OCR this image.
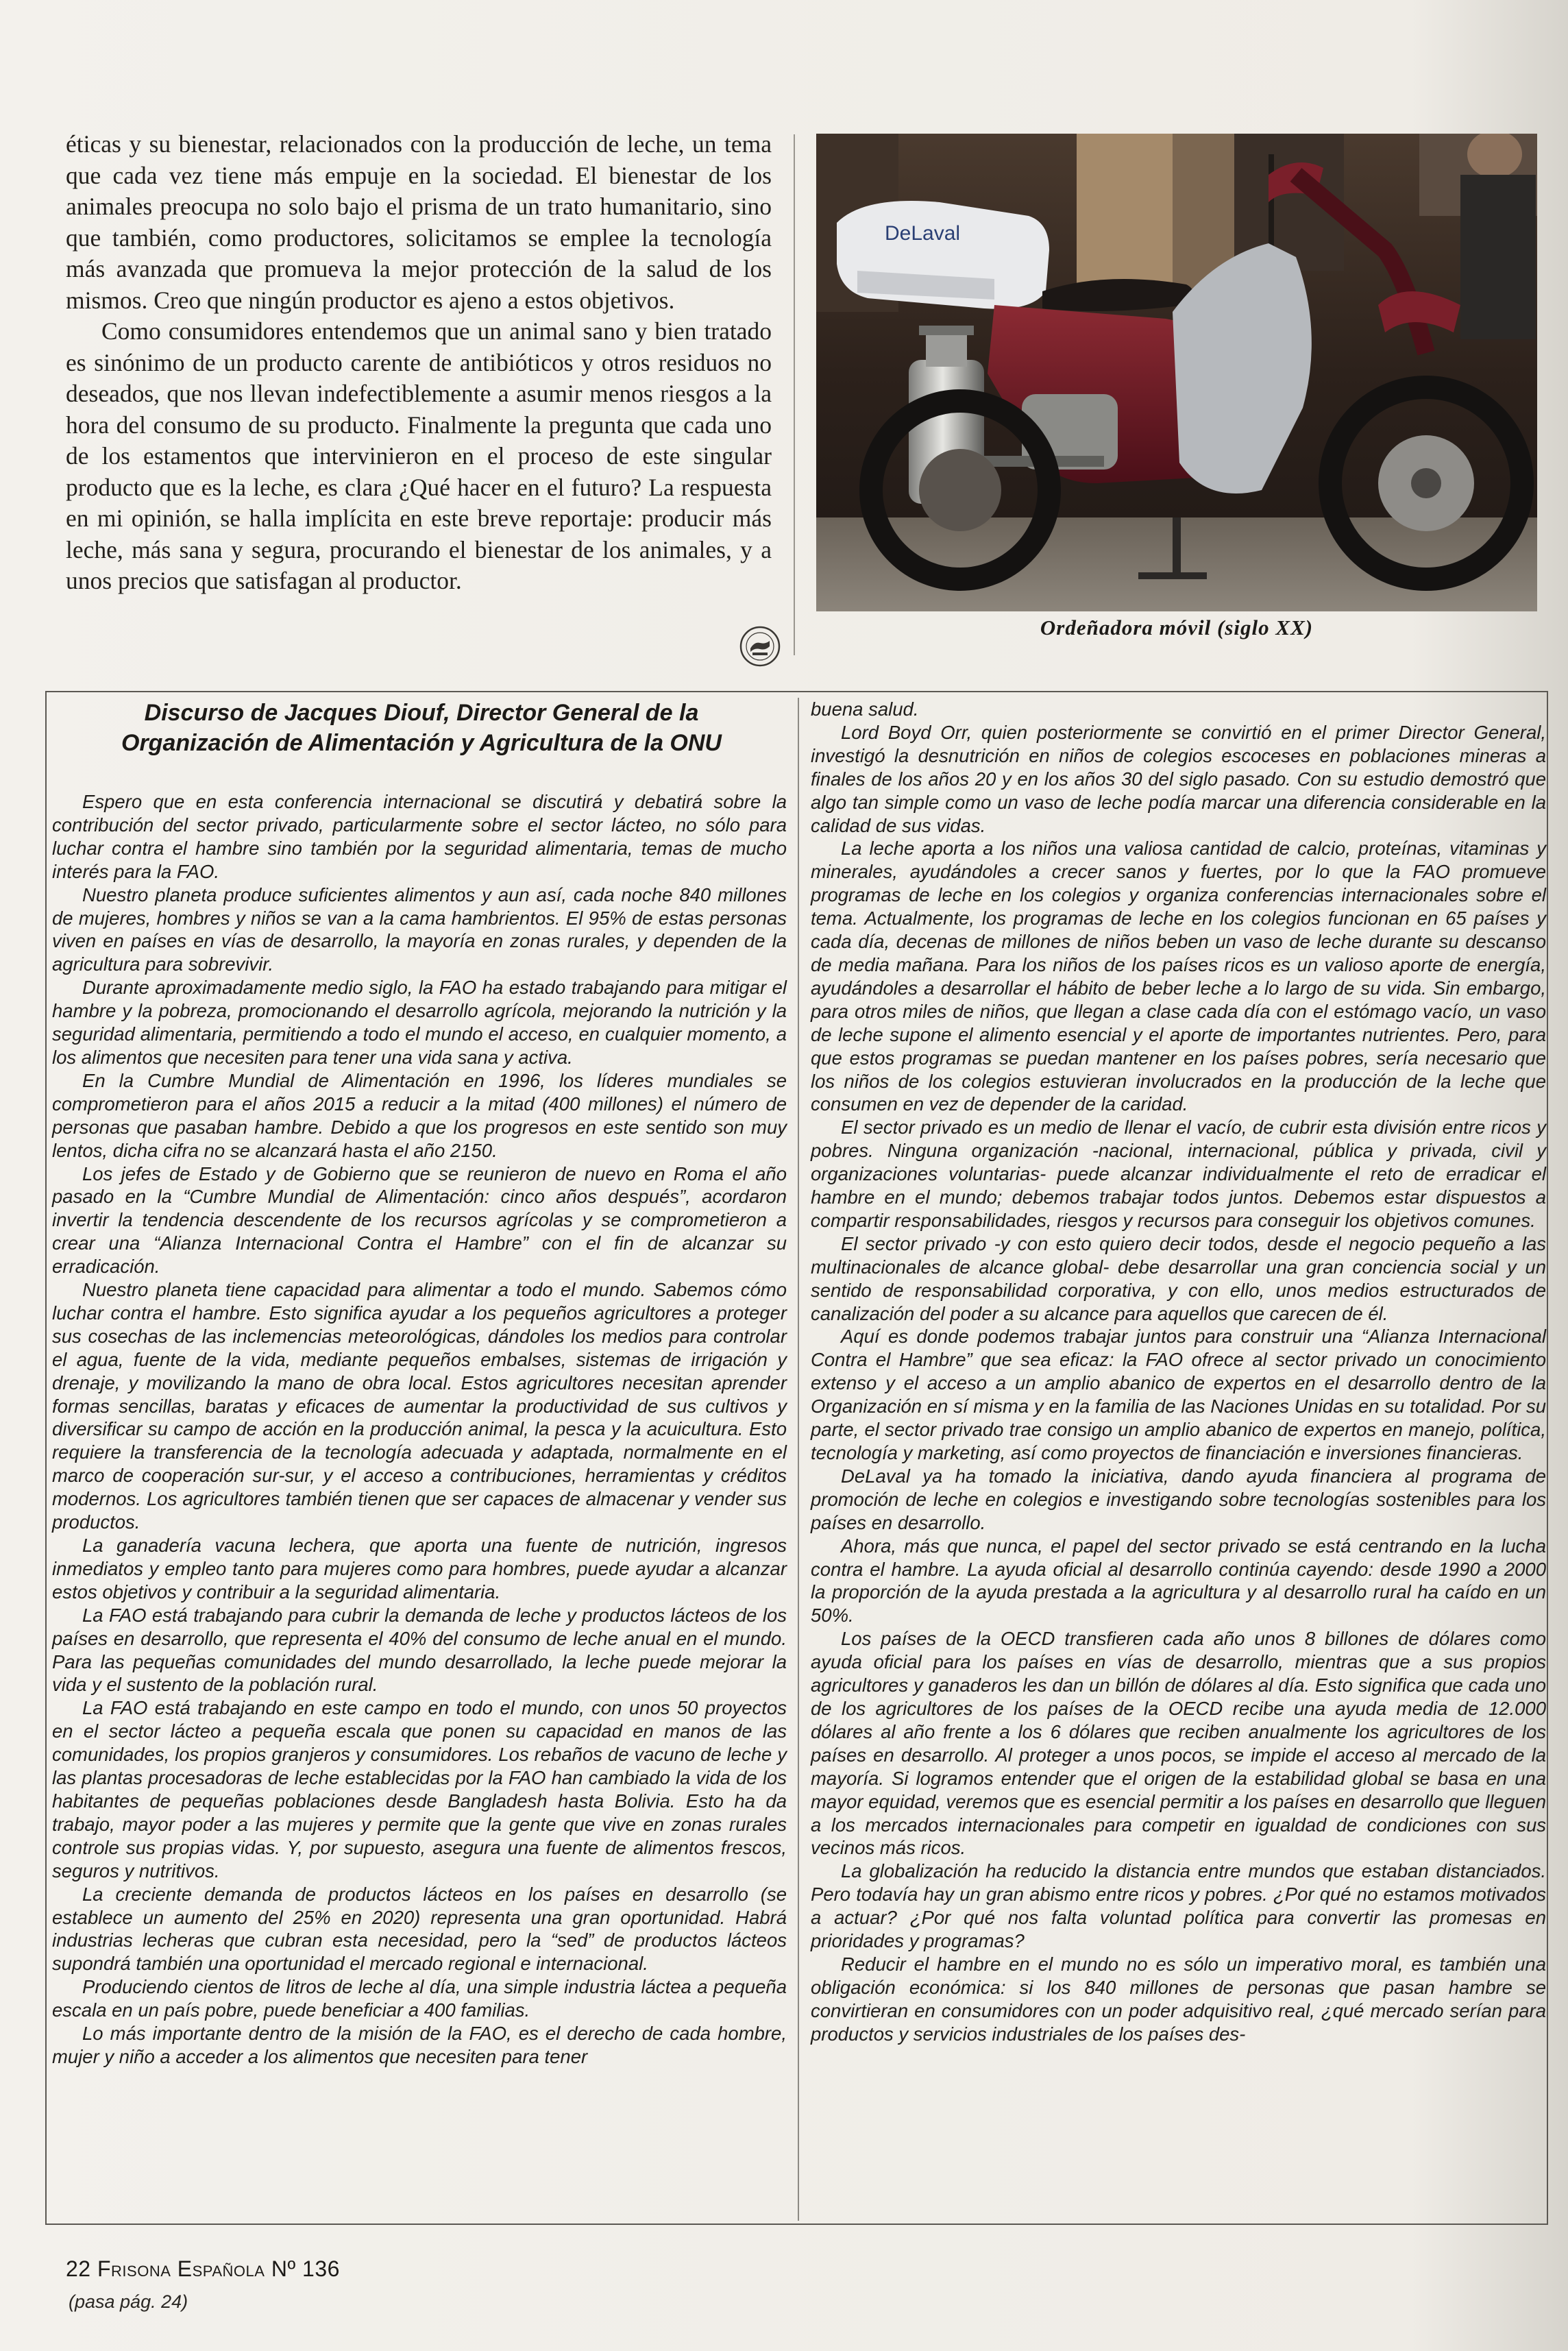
éticas y su bienestar, relacionados con la producción de leche, un tema que cada vez tiene más empuje en la sociedad. El bienestar de los animales preocupa no solo bajo el prisma de un trato humanitario, sino que también, como productores, solicitamos se emplee la tecnología más avanzada que promueva la mejor protección de la salud de los mismos. Creo que ningún productor es ajeno a estos objetivos.

Como consumidores entendemos que un animal sano y bien tratado es sinónimo de un producto carente de antibióticos y otros residuos no deseados, que nos llevan indefectiblemente a asumir menos riesgos a la hora del consumo de su producto. Finalmente la pregunta que cada uno de los estamentos que intervinieron en el proceso de este singular producto que es la leche, es clara ¿Qué hacer en el futuro? La respuesta en mi opinión, se halla implícita en este breve reportaje: producir más leche, más sana y segura, procurando el bienestar de los animales, y a unos precios que satisfagan al productor.

DeLaval
Ordeñadora móvil (siglo XX)
Discurso de Jacques Diouf, Director General de la
Organización de Alimentación y Agricultura de la ONU

Espero que en esta conferencia internacional se discutirá y debatirá sobre la contribución del sector privado, particularmente sobre el sector lácteo, no sólo para luchar contra el hambre sino también por la seguridad alimentaria, temas de mucho interés para la FAO.

Nuestro planeta produce suficientes alimentos y aun así, cada noche 840 millones de mujeres, hombres y niños se van a la cama hambrientos. El 95% de estas personas viven en países en vías de desarrollo, la mayoría en zonas rurales, y dependen de la agricultura para sobrevivir.

Durante aproximadamente medio siglo, la FAO ha estado trabajando para mitigar el hambre y la pobreza, promocionando el desarrollo agrícola, mejorando la nutrición y la seguridad alimentaria, permitiendo a todo el mundo el acceso, en cualquier momento, a los alimentos que necesiten para tener una vida sana y activa.

En la Cumbre Mundial de Alimentación en 1996, los líderes mundiales se comprometieron para el años 2015 a reducir a la mitad (400 millones) el número de personas que pasaban hambre. Debido a que los progresos en este sentido son muy lentos, dicha cifra no se alcanzará hasta el año 2150.

Los jefes de Estado y de Gobierno que se reunieron de nuevo en Roma el año pasado en la “Cumbre Mundial de Alimentación: cinco años después”, acordaron invertir la tendencia descendente de los recursos agrícolas y se comprometieron a crear una “Alianza Internacional Contra el Hambre” con el fin de alcanzar su erradicación.

Nuestro planeta tiene capacidad para alimentar a todo el mundo. Sabemos cómo luchar contra el hambre. Esto significa ayudar a los pequeños agricultores a proteger sus cosechas de las inclemencias meteorológicas, dándoles los medios para controlar el agua, fuente de la vida, mediante pequeños embalses, sistemas de irrigación y drenaje, y movilizando la mano de obra local. Estos agricultores necesitan aprender formas sencillas, baratas y eficaces de aumentar la productividad de sus cultivos y diversificar su campo de acción en la producción animal, la pesca y la acuicultura. Esto requiere la transferencia de la tecnología adecuada y adaptada, normalmente en el marco de cooperación sur-sur, y el acceso a contribuciones, herramientas y créditos modernos. Los agricultores también tienen que ser capaces de almacenar y vender sus productos.

La ganadería vacuna lechera, que aporta una fuente de nutrición, ingresos inmediatos y empleo tanto para mujeres como para hombres, puede ayudar a alcanzar estos objetivos y contribuir a la seguridad alimentaria.

La FAO está trabajando para cubrir la demanda de leche y productos lácteos de los países en desarrollo, que representa el 40% del consumo de leche anual en el mundo. Para las pequeñas comunidades del mundo desarrollado, la leche puede mejorar la vida y el sustento de la población rural.

La FAO está trabajando en este campo en todo el mundo, con unos 50 proyectos en el sector lácteo a pequeña escala que ponen su capacidad en manos de las comunidades, los propios granjeros y consumidores. Los rebaños de vacuno de leche y las plantas procesadoras de leche establecidas por la FAO han cambiado la vida de los habitantes de pequeñas poblaciones desde Bangladesh hasta Bolivia. Esto ha da trabajo, mayor poder a las mujeres y permite que la gente que vive en zonas rurales controle sus propias vidas. Y, por supuesto, asegura una fuente de alimentos frescos, seguros y nutritivos.

La creciente demanda de productos lácteos en los países en desarrollo (se establece un aumento del 25% en 2020) representa una gran oportunidad. Habrá industrias lecheras que cubran esta necesidad, pero la “sed” de productos lácteos supondrá también una oportunidad el mercado regional e internacional.

Produciendo cientos de litros de leche al día, una simple industria láctea a pequeña escala en un país pobre, puede beneficiar a 400 familias.

Lo más importante dentro de la misión de la FAO, es el derecho de cada hombre, mujer y niño a acceder a los alimentos que necesiten para tener

buena salud.

Lord Boyd Orr, quien posteriormente se convirtió en el primer Director General, investigó la desnutrición en niños de colegios escoceses en poblaciones mineras a finales de los años 20 y en los años 30 del siglo pasado. Con su estudio demostró que algo tan simple como un vaso de leche podía marcar una diferencia considerable en la calidad de sus vidas.

La leche aporta a los niños una valiosa cantidad de calcio, proteínas, vitaminas y minerales, ayudándoles a crecer sanos y fuertes, por lo que la FAO promueve programas de leche en los colegios y organiza conferencias internacionales sobre el tema. Actualmente, los programas de leche en los colegios funcionan en 65 países y cada día, decenas de millones de niños beben un vaso de leche durante su descanso de media mañana. Para los niños de los países ricos es un valioso aporte de energía, ayudándoles a desarrollar el hábito de beber leche a lo largo de su vida. Sin embargo, para otros miles de niños, que llegan a clase cada día con el estómago vacío, un vaso de leche supone el alimento esencial y el aporte de importantes nutrientes. Pero, para que estos programas se puedan mantener en los países pobres, sería necesario que los niños de los colegios estuvieran involucrados en la producción de la leche que consumen en vez de depender de la caridad.

El sector privado es un medio de llenar el vacío, de cubrir esta división entre ricos y pobres. Ninguna organización -nacional, internacional, pública y privada, civil y organizaciones voluntarias- puede alcanzar individualmente el reto de erradicar el hambre en el mundo; debemos trabajar todos juntos. Debemos estar dispuestos a compartir responsabilidades, riesgos y recursos para conseguir los objetivos comunes.

El sector privado -y con esto quiero decir todos, desde el negocio pequeño a las multinacionales de alcance global- debe desarrollar una gran conciencia social y un sentido de responsabilidad corporativa, y con ello, unos medios estructurados de canalización del poder a su alcance para aquellos que carecen de él.

Aquí es donde podemos trabajar juntos para construir una “Alianza Internacional Contra el Hambre” que sea eficaz: la FAO ofrece al sector privado un conocimiento extenso y el acceso a un amplio abanico de expertos en el desarrollo dentro de la Organización en sí misma y en la familia de las Naciones Unidas en su totalidad. Por su parte, el sector privado trae consigo un amplio abanico de expertos en manejo, política, tecnología y marketing, así como proyectos de financiación e inversiones financieras.

DeLaval ya ha tomado la iniciativa, dando ayuda financiera al programa de promoción de leche en colegios e investigando sobre tecnologías sostenibles para los países en desarrollo.

Ahora, más que nunca, el papel del sector privado se está centrando en la lucha contra el hambre. La ayuda oficial al desarrollo continúa cayendo: desde 1990 a 2000 la proporción de la ayuda prestada a la agricultura y al desarrollo rural ha caído en un 50%.

Los países de la OECD transfieren cada año unos 8 billones de dólares como ayuda oficial para los países en vías de desarrollo, mientras que a sus propios agricultores y ganaderos les dan un billón de dólares al día. Esto significa que cada uno de los agricultores de los países de la OECD recibe una ayuda media de 12.000 dólares al año frente a los 6 dólares que reciben anualmente los agricultores de los países en desarrollo. Al proteger a unos pocos, se impide el acceso al mercado de la mayoría. Si logramos entender que el origen de la estabilidad global se basa en una mayor equidad, veremos que es esencial permitir a los países en desarrollo que lleguen a los mercados internacionales para competir en igualdad de condiciones con sus vecinos más ricos.

La globalización ha reducido la distancia entre mundos que estaban distanciados. Pero todavía hay un gran abismo entre ricos y pobres. ¿Por qué no estamos motivados a actuar? ¿Por qué nos falta voluntad política para convertir las promesas en prioridades y programas?

Reducir el hambre en el mundo no es sólo un imperativo moral, es también una obligación económica: si los 840 millones de personas que pasan hambre se convirtieran en consumidores con un poder adquisitivo real, ¿qué mercado serían para productos y servicios industriales de los países des-

22 Frisona Española Nº 136
(pasa pág. 24)
